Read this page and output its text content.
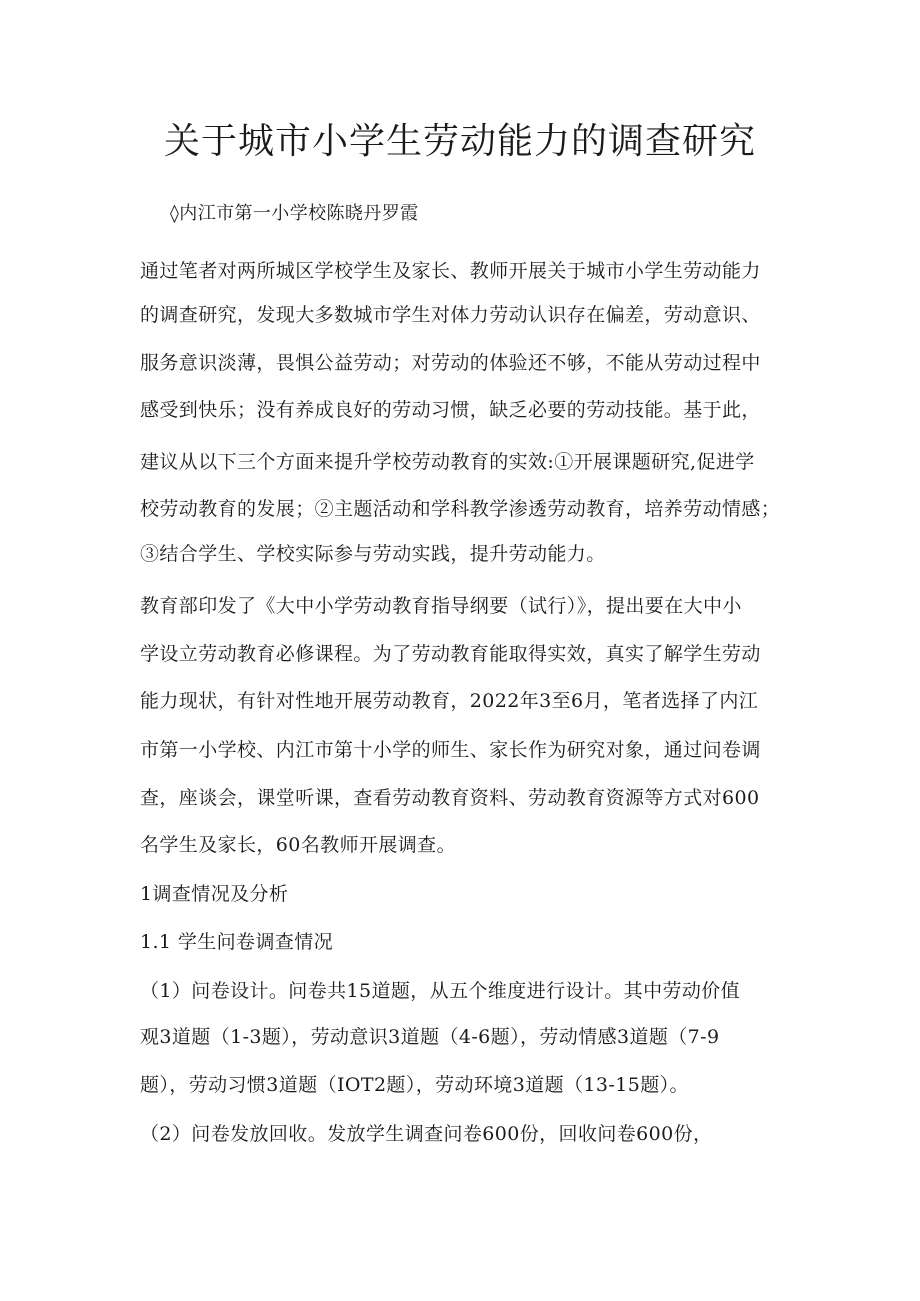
关于城市小学生劳动能力的调查研究
◊内江市第一小学校陈晓丹罗霞
通过笔者对两所城区学校学生及家长、教师开展关于城市小学生劳动能力
的调查研究，发现大多数城市学生对体力劳动认识存在偏差，劳动意识、
服务意识淡薄，畏惧公益劳动；对劳动的体验还不够，不能从劳动过程中
感受到快乐；没有养成良好的劳动习惯，缺乏必要的劳动技能。基于此，
建议从以下三个方面来提升学校劳动教育的实效:①开展课题研究,促进学
校劳动教育的发展；②主题活动和学科教学渗透劳动教育，培养劳动情感；
③结合学生、学校实际参与劳动实践，提升劳动能力。
教育部印发了《大中小学劳动教育指导纲要（试行）》，提出要在大中小
学设立劳动教育必修课程。为了劳动教育能取得实效，真实了解学生劳动
能力现状，有针对性地开展劳动教育，2022年3至6月，笔者选择了内江
市第一小学校、内江市第十小学的师生、家长作为研究对象，通过问卷调
查，座谈会，课堂听课，查看劳动教育资料、劳动教育资源等方式对600
名学生及家长，60名教师开展调查。
1调查情况及分析
1.1 学生问卷调查情况
（1）问卷设计。问卷共15道题，从五个维度进行设计。其中劳动价值
观3道题（1-3题），劳动意识3道题（4-6题），劳动情感3道题（7-9
题），劳动习惯3道题（IOT2题），劳动环境3道题（13-15题）。
（2）问卷发放回收。发放学生调查问卷600份，回收问卷600份，
